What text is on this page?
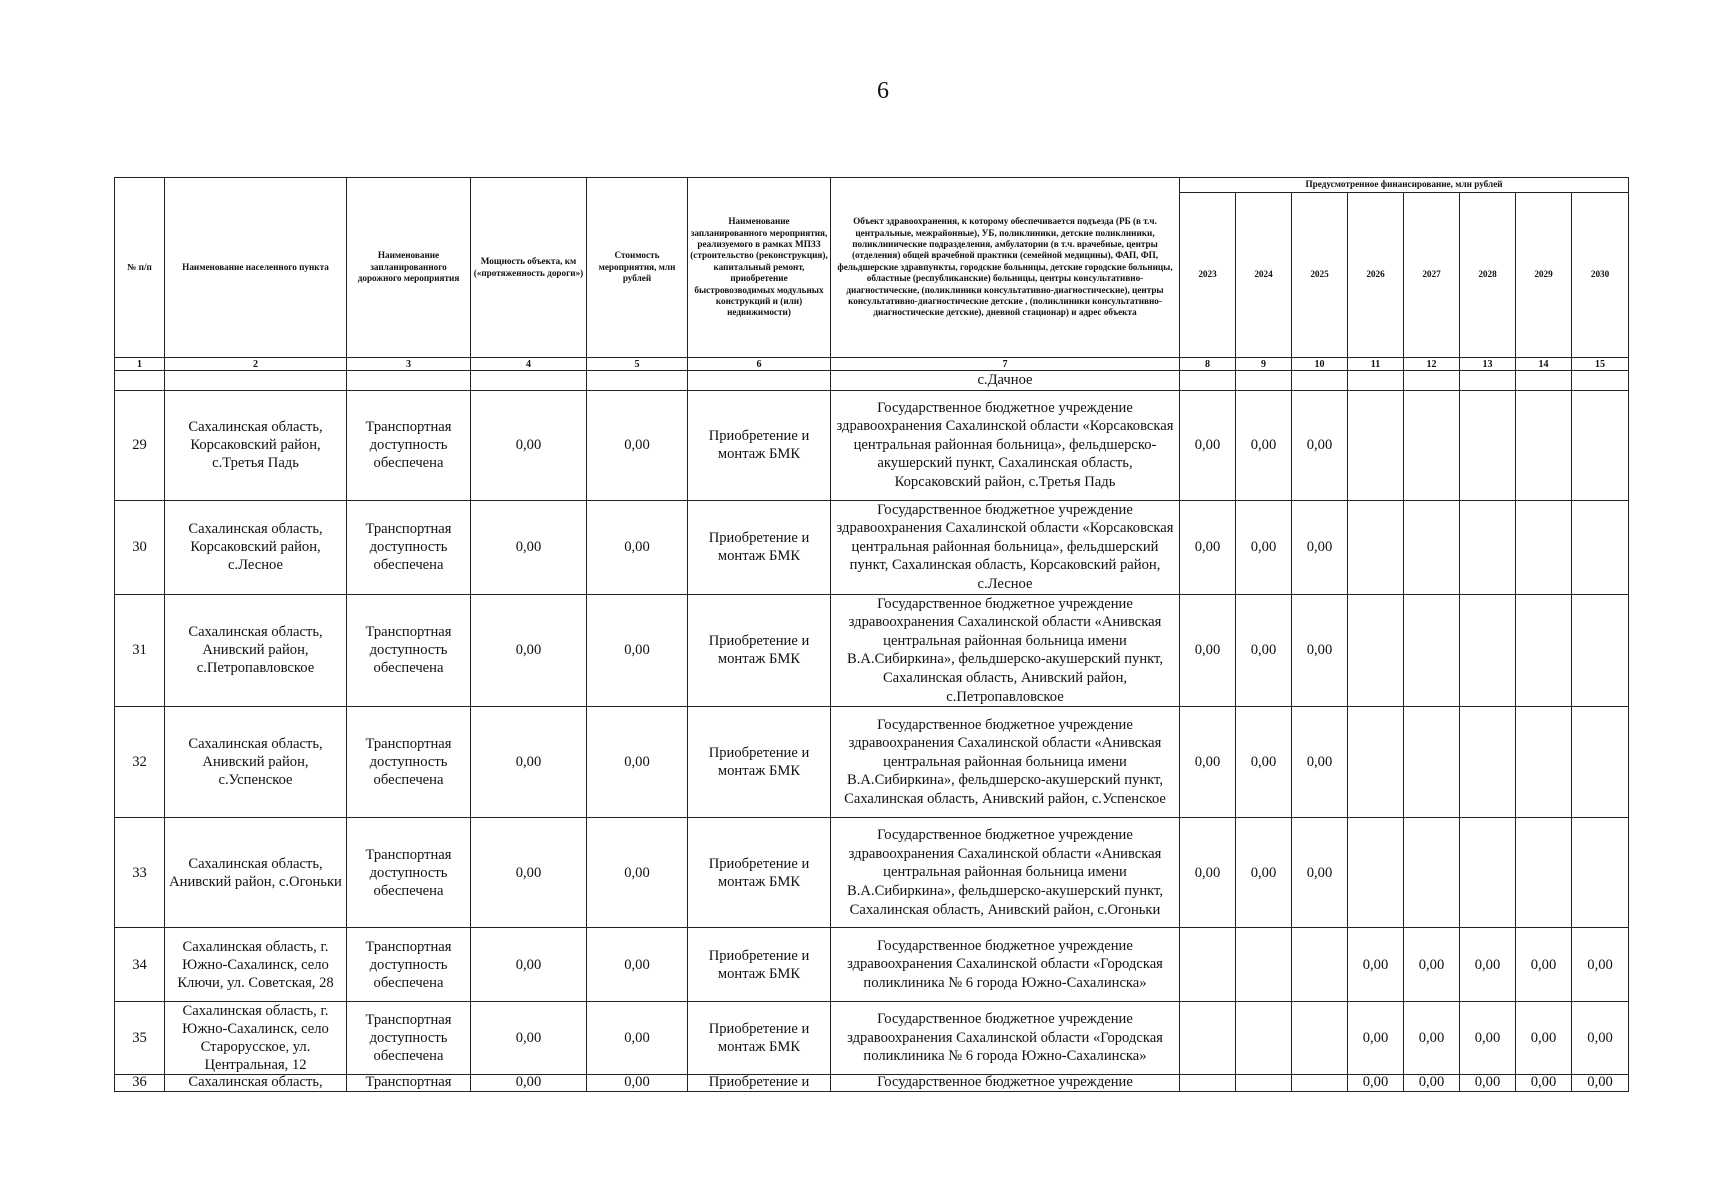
6
№ п/п	Наименование населенного пункта	Наименование запланированного дорожного мероприятия	Мощность объекта, км («протяженность дороги»)	Стоимость мероприятия, млн рублей	Наименование запланированного мероприятия, реализуемого в рамках МПЗЗ (строительство (реконструкция), капитальный ремонт, приобретение быстровозводимых модульных конструкций и (или) недвижимости)	Объект здравоохранения, к которому обеспечивается подъезда (РБ (в т.ч. центральные, межрайонные), УБ, поликлиники, детские поликлиники, поликлинические подразделения, амбулатории (в т.ч. врачебные, центры (отделения) общей врачебной практики (семейной медицины), ФАП, ФП, фельдшерские здравпункты, городские больницы, детские городские больницы, областные (республиканские) больницы, центры консультативно-диагностические, (поликлиники консультативно-диагностические), центры консультативно-диагностические детские , (поликлиники консультативно-диагностические детские), дневной стационар) и адрес объекта	Предусмотренное финансирование, млн рублей							
							2023	2024	2025	2026	2027	2028	2029	2030
1	2	3	4	5	6	7	8	9	10	11	12	13	14	15
						с.Дачное								
29	Сахалинская область, Корсаковский район, с.Третья Падь	Транспортная доступность обеспечена	0,00	0,00	Приобретение и монтаж БМК	Государственное бюджетное учреждение здравоохранения Сахалинской области «Корсаковская центральная районная больница», фельдшерско-акушерский пункт, Сахалинская область, Корсаковский район, с.Третья Падь	0,00	0,00	0,00					
30	Сахалинская область, Корсаковский район, с.Лесное	Транспортная доступность обеспечена	0,00	0,00	Приобретение и монтаж БМК	Государственное бюджетное учреждение здравоохранения Сахалинской области «Корсаковская центральная районная больница», фельдшерский пункт, Сахалинская область, Корсаковский район, с.Лесное	0,00	0,00	0,00					
31	Сахалинская область, Анивский район, с.Петропавловское	Транспортная доступность обеспечена	0,00	0,00	Приобретение и монтаж БМК	Государственное бюджетное учреждение здравоохранения Сахалинской области «Анивская центральная районная больница имени В.А.Сибиркина», фельдшерско-акушерский пункт, Сахалинская область, Анивский район, с.Петропавловское	0,00	0,00	0,00					
32	Сахалинская область, Анивский район, с.Успенское	Транспортная доступность обеспечена	0,00	0,00	Приобретение и монтаж БМК	Государственное бюджетное учреждение здравоохранения Сахалинской области «Анивская центральная районная больница имени В.А.Сибиркина», фельдшерско-акушерский пункт, Сахалинская область, Анивский район, с.Успенское	0,00	0,00	0,00					
33	Сахалинская область, Анивский район, с.Огоньки	Транспортная доступность обеспечена	0,00	0,00	Приобретение и монтаж БМК	Государственное бюджетное учреждение здравоохранения Сахалинской области «Анивская центральная районная больница имени В.А.Сибиркина», фельдшерско-акушерский пункт, Сахалинская область, Анивский район, с.Огоньки	0,00	0,00	0,00					
34	Сахалинская область, г. Южно-Сахалинск, село Ключи, ул. Советская, 28	Транспортная доступность обеспечена	0,00	0,00	Приобретение и монтаж БМК	Государственное бюджетное учреждение здравоохранения Сахалинской области «Городская поликлиника № 6 города Южно-Сахалинска»				0,00	0,00	0,00	0,00	0,00
35	Сахалинская область, г. Южно-Сахалинск, село Старорусское, ул. Центральная, 12	Транспортная доступность обеспечена	0,00	0,00	Приобретение и монтаж БМК	Государственное бюджетное учреждение здравоохранения Сахалинской области «Городская поликлиника № 6 города Южно-Сахалинска»				0,00	0,00	0,00	0,00	0,00
36	Сахалинская область,	Транспортная	0,00	0,00	Приобретение и	Государственное бюджетное учреждение				0,00	0,00	0,00	0,00	0,00
